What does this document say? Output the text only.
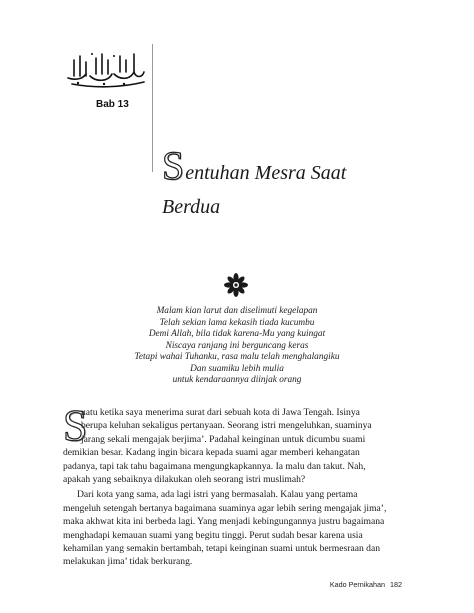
Bab 13
S entuhan Mesra Saat
Berdua
Malam kian larut dan diselimuti kegelapan
Telah sekian lama kekasih tiada kucumbu
Demi Allah, bila tidak karena-Mu yang kuingat
Niscaya ranjang ini berguncang keras
Tetapi wahai Tuhanku, rasa malu telah menghalangiku
Dan suamiku lebih mulia
untuk kendaraannya diinjak orang
S
uatu ketika saya menerima surat dari sebuah kota di Jawa Tengah. Isinya
berupa keluhan sekaligus pertanyaan. Seorang istri mengeluhkan, suaminya
jarang sekali mengajak berjima’. Padahal keinginan untuk dicumbu suami
demikian besar. Kadang ingin bicara kepada suami agar memberi kehangatan
padanya, tapi tak tahu bagaimana mengungkapkannya. Ia malu dan takut. Nah,
apakah yang sebaiknya dilakukan oleh seorang istri muslimah?
Dari kota yang sama, ada lagi istri yang bermasalah. Kalau yang pertama
mengeluh setengah bertanya bagaimana suaminya agar lebih sering mengajak jima’,
maka akhwat kita ini berbeda lagi. Yang menjadi kebingungannya justru bagaimana
menghadapi kemauan suami yang begitu tinggi. Perut sudah besar karena usia
kehamilan yang semakin bertambah, tetapi keinginan suami untuk bermesraan dan
melakukan jima’ tidak berkurang.
Kado Pernikahan 182
